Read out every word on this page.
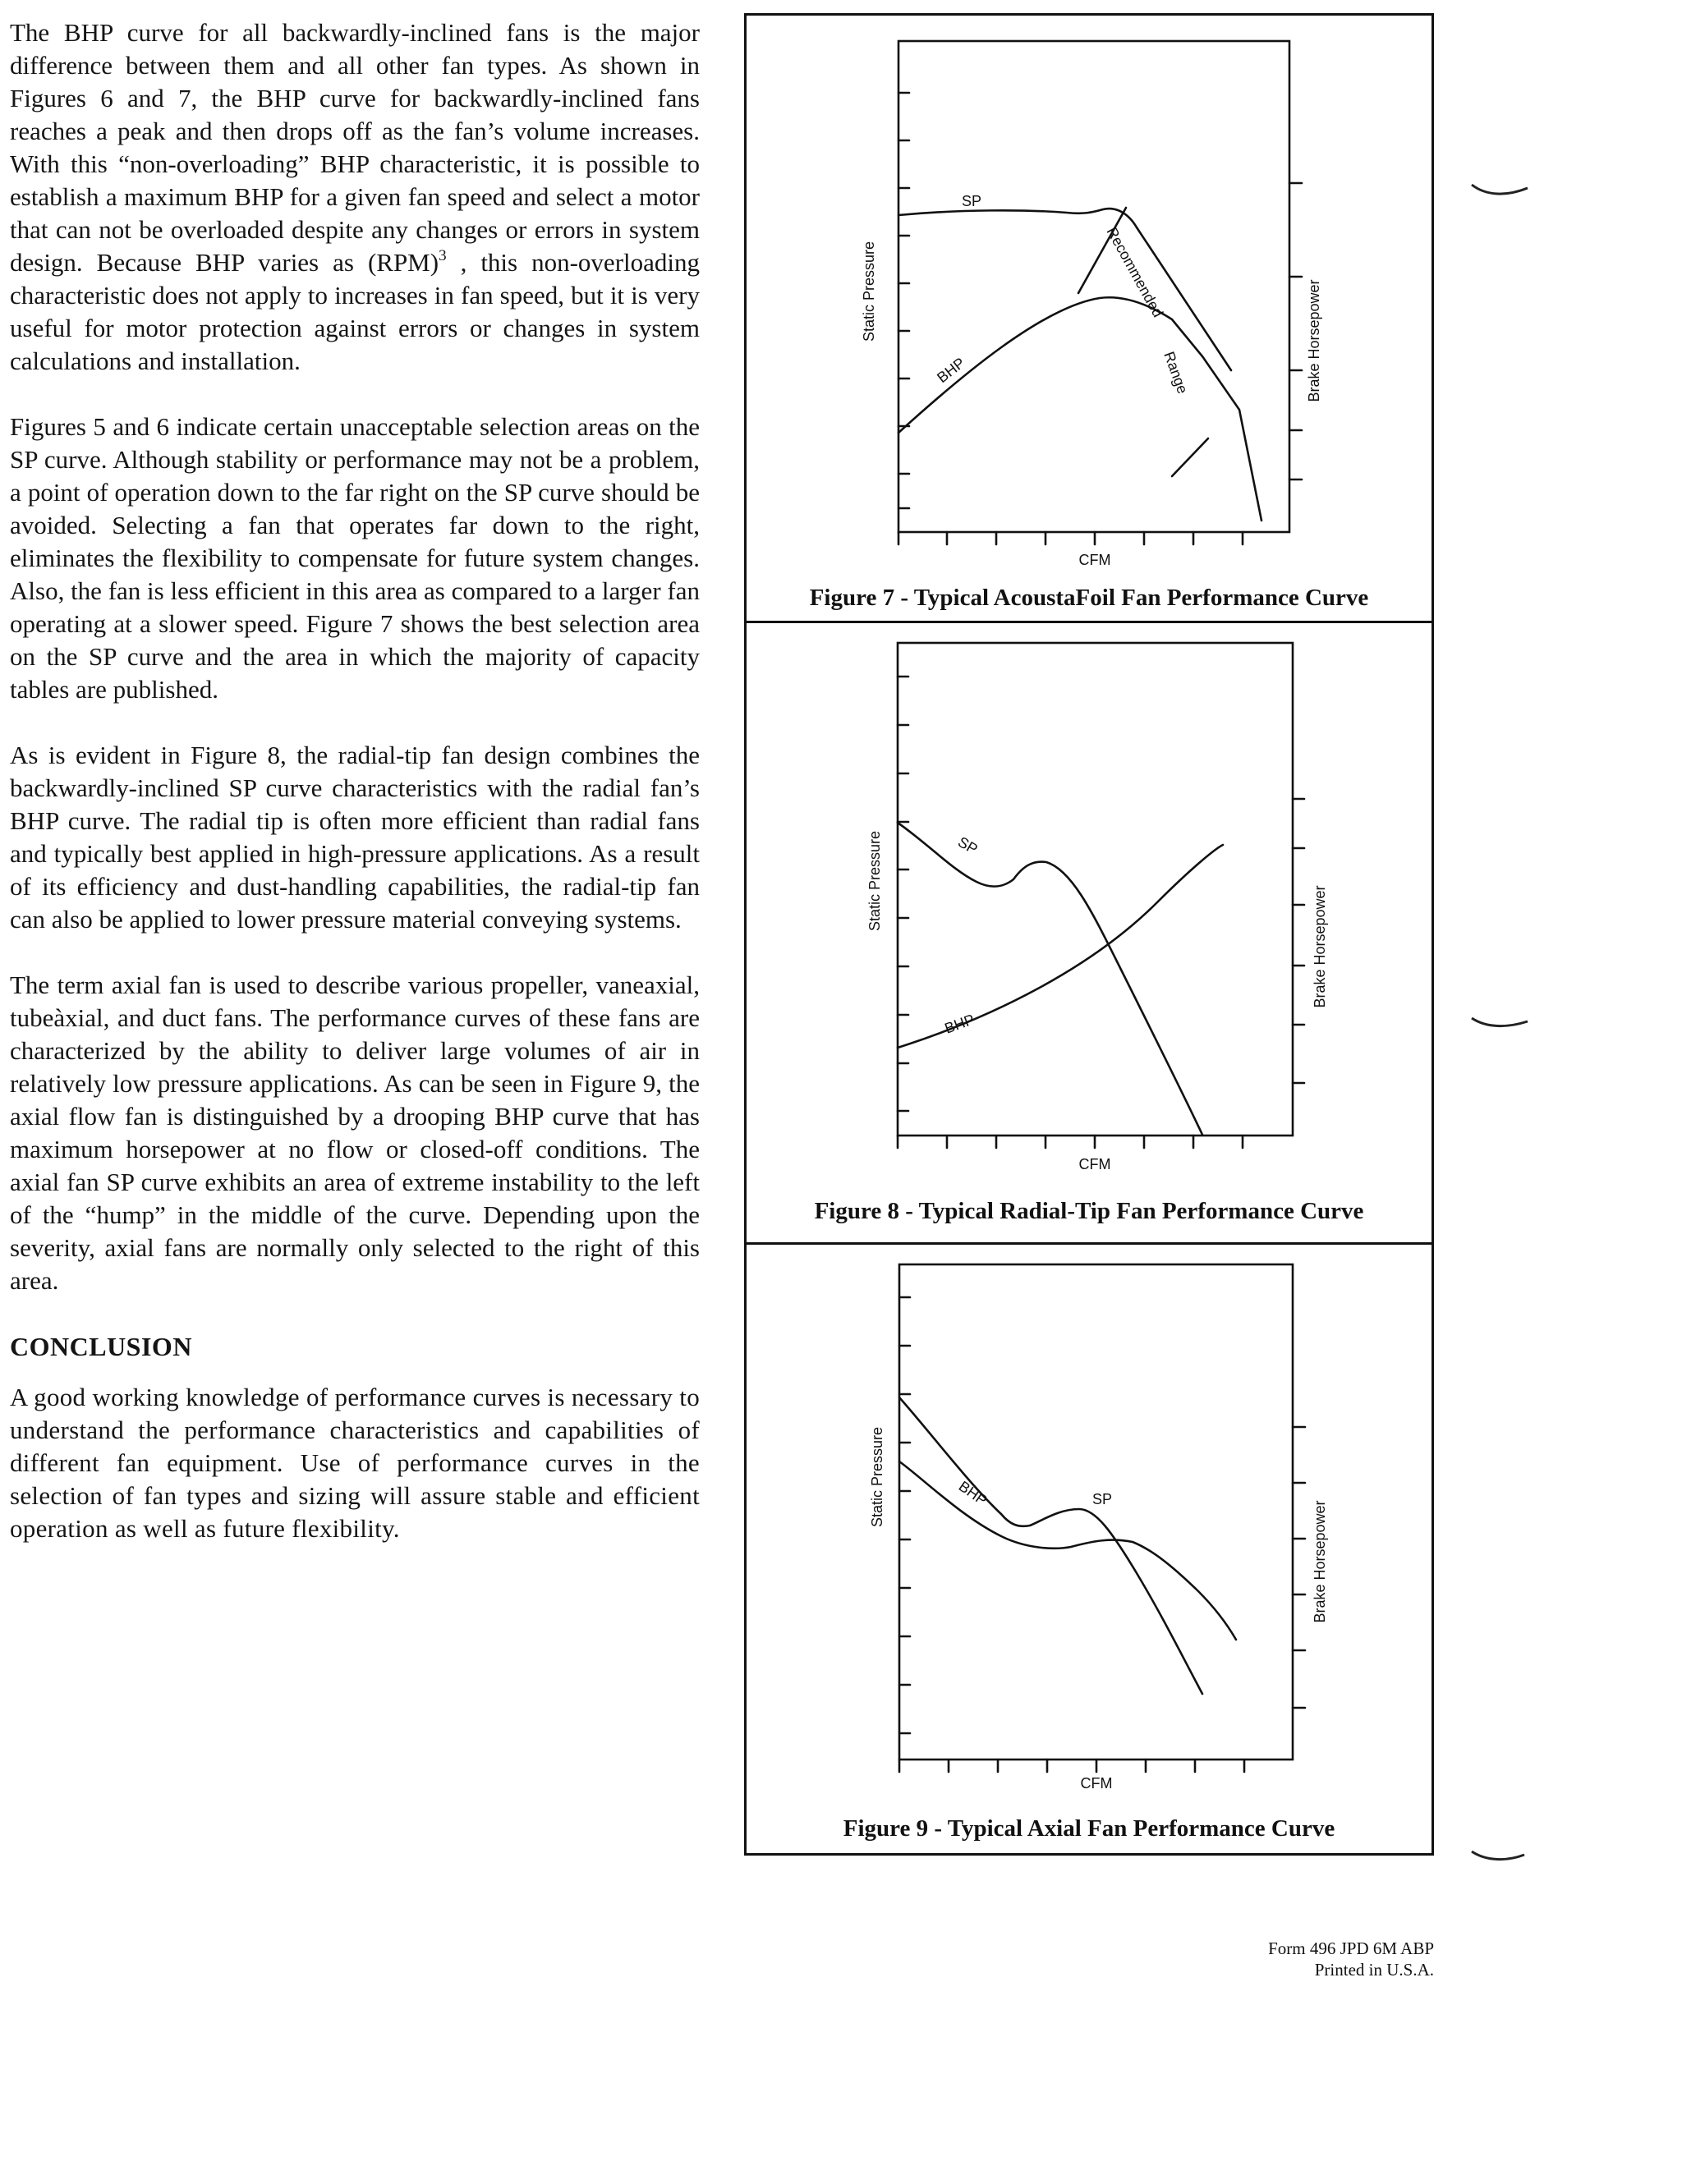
The BHP curve for all backwardly-inclined fans is the major difference between them and all other fan types. As shown in Figures 6 and 7, the BHP curve for backwardly-inclined fans reaches a peak and then drops off as the fan’s volume increases. With this “non-overloading” BHP characteristic, it is possible to establish a maximum BHP for a given fan speed and select a motor that can not be overloaded despite any changes or errors in system design. Because BHP varies as (RPM)$^3$ , this non-overloading characteristic does not apply to increases in fan speed, but it is very useful for motor protection against errors or changes in system calculations and installation.

Figures 5 and 6 indicate certain unacceptable selection areas on the SP curve. Although stability or performance may not be a problem, a point of operation down to the far right on the SP curve should be avoided. Selecting a fan that operates far down to the right, eliminates the flexibility to compensate for future system changes. Also, the fan is less efficient in this area as compared to a larger fan operating at a slower speed. Figure 7 shows the best selection area on the SP curve and the area in which the majority of capacity tables are published.

As is evident in Figure 8, the radial-tip fan design combines the backwardly-inclined SP curve characteristics with the radial fan’s BHP curve. The radial tip is often more efficient than radial fans and typically best applied in high-pressure applications. As a result of its efficiency and dust-handling capabilities, the radial-tip fan can also be applied to lower pressure material conveying systems.

The term axial fan is used to describe various propeller, vaneaxial, tubeàxial, and duct fans. The performance curves of these fans are characterized by the ability to deliver large volumes of air in relatively low pressure applications. As can be seen in Figure 9, the axial flow fan is distinguished by a drooping BHP curve that has maximum horsepower at no flow or closed-off conditions. The axial fan SP curve exhibits an area of extreme instability to the left of the “hump” in the middle of the curve. Depending upon the severity, axial fans are normally only selected to the right of this area.

CONCLUSION

A good working knowledge of performance curves is necessary to understand the performance characteristics and capabilities of different fan equipment. Use of performance curves in the selection of fan types and sizing will assure stable and efficient operation as well as future flexibility.

SP
BHP
Recommended
Range
Static Pressure	Brake Horsepower
CFM
Figure 7 - Typical AcoustaFoil Fan Performance Curve
SP
BHP
Static Pressure
Brake Horsepower
CFM
Figure 8 - Typical Radial-Tip Fan Performance Curve
BHP	SP
Static Pressure
Brake Horsepower
CFM
Figure 9 - Typical Axial Fan Performance Curve
Form 496 JPD 6M ABP
Printed in U.S.A.
